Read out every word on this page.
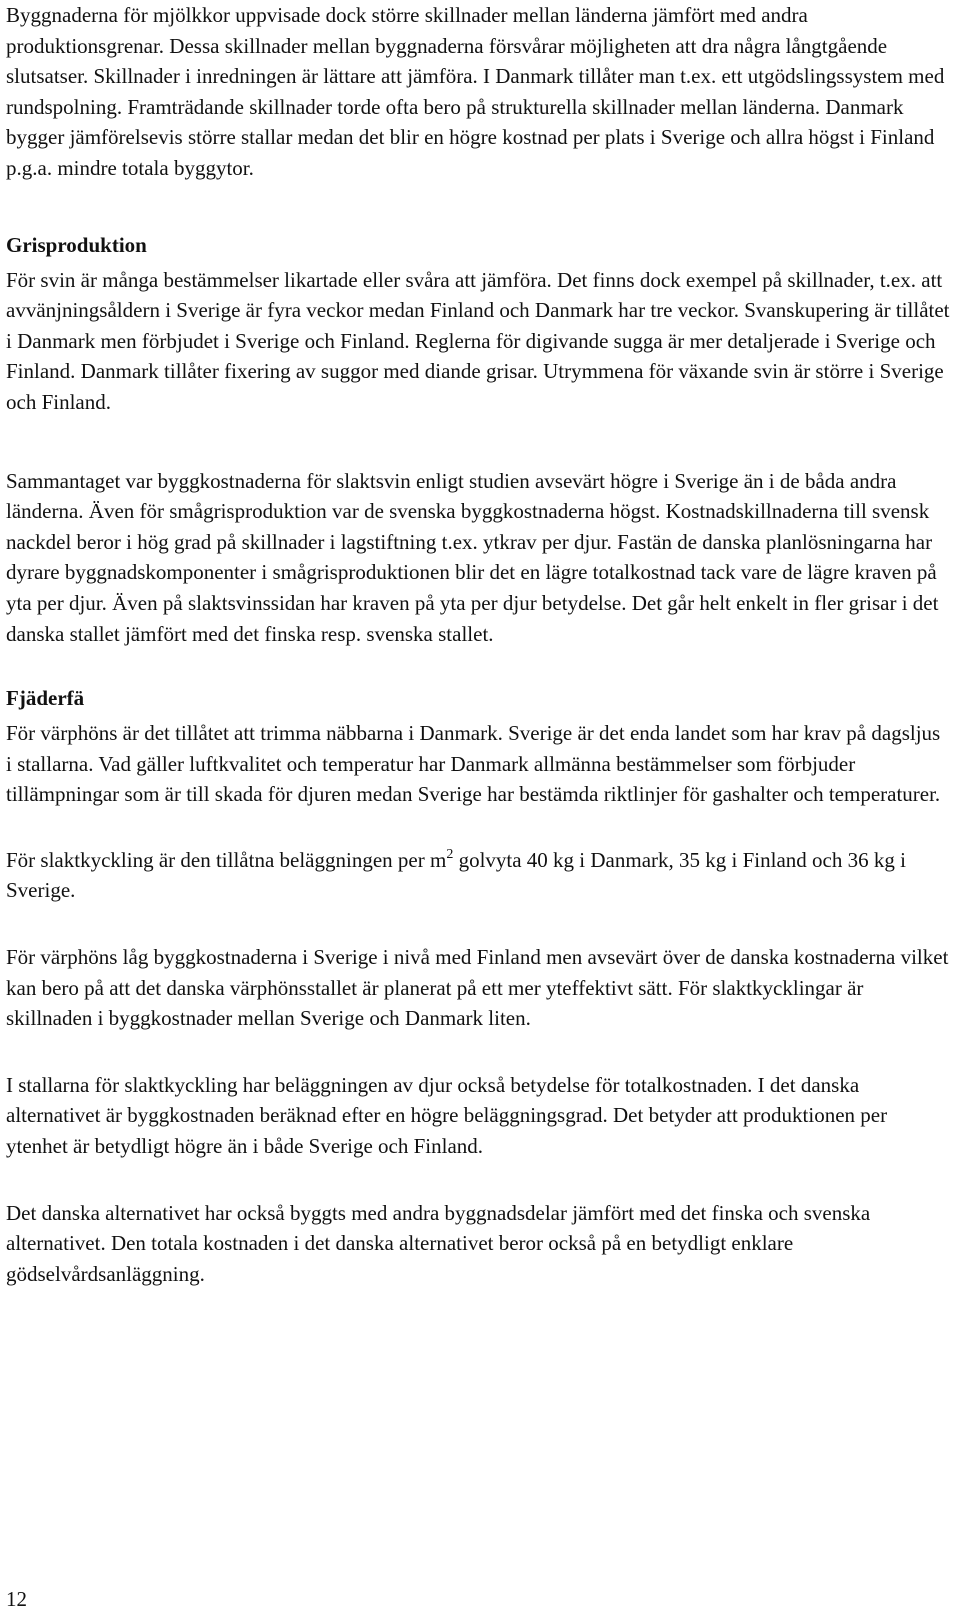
Byggnaderna för mjölkkor uppvisade dock större skillnader mellan länderna jämfört med andra produktionsgrenar. Dessa skillnader mellan byggnaderna försvårar möjligheten att dra några långtgående slutsatser. Skillnader i inredningen är lättare att jämföra. I Danmark tillåter man t.ex. ett utgödslingssystem med rundspolning. Framträdande skillnader torde ofta bero på strukturella skillnader mellan länderna. Danmark bygger jämförelsevis större stallar medan det blir en högre kostnad per plats i Sverige och allra högst i Finland p.g.a. mindre totala byggytor.

Grisproduktion

För svin är många bestämmelser likartade eller svåra att jämföra. Det finns dock exempel på skillnader, t.ex. att avvänjningsåldern i Sverige är fyra veckor medan Finland och Danmark har tre veckor. Svanskupering är tillåtet i Danmark men förbjudet i Sverige och Finland. Reglerna för digivande sugga är mer detaljerade i Sverige och Finland. Danmark tillåter fixering av suggor med diande grisar. Utrymmena för växande svin är större i Sverige och Finland.

Sammantaget var byggkostnaderna för slaktsvin enligt studien avsevärt högre i Sverige än i de båda andra länderna. Även för smågrisproduktion var de svenska byggkostnaderna högst. Kostnadskillnaderna till svensk nackdel beror i hög grad på skillnader i lagstiftning t.ex. ytkrav per djur. Fastän de danska planlösningarna har dyrare byggnadskomponenter i smågrisproduktionen blir det en lägre totalkostnad tack vare de lägre kraven på yta per djur. Även på slaktsvinssidan har kraven på yta per djur betydelse. Det går helt enkelt in fler grisar i det danska stallet jämfört med det finska resp. svenska stallet.

Fjäderfä

För värphöns är det tillåtet att trimma näbbarna i Danmark. Sverige är det enda landet som har krav på dagsljus i stallarna. Vad gäller luftkvalitet och temperatur har Danmark allmänna bestämmelser som förbjuder tillämpningar som är till skada för djuren medan Sverige har bestämda riktlinjer för gashalter och temperaturer.

För slaktkyckling är den tillåtna beläggningen per $m^2$ golvyta 40 kg i Danmark, 35 kg i Finland och 36 kg i Sverige.

För värphöns låg byggkostnaderna i Sverige i nivå med Finland men avsevärt över de danska kostnaderna vilket kan bero på att det danska värphönsstallet är planerat på ett mer yteffektivt sätt. För slaktkycklingar är skillnaden i byggkostnader mellan Sverige och Danmark liten.

I stallarna för slaktkyckling har beläggningen av djur också betydelse för totalkostnaden. I det danska alternativet är byggkostnaden beräknad efter en högre beläggningsgrad. Det betyder att produktionen per ytenhet är betydligt högre än i både Sverige och Finland.

Det danska alternativet har också byggts med andra byggnadsdelar jämfört med det finska och svenska alternativet. Den totala kostnaden i det danska alternativet beror också på en betydligt enklare gödselvårdsanläggning.

12
